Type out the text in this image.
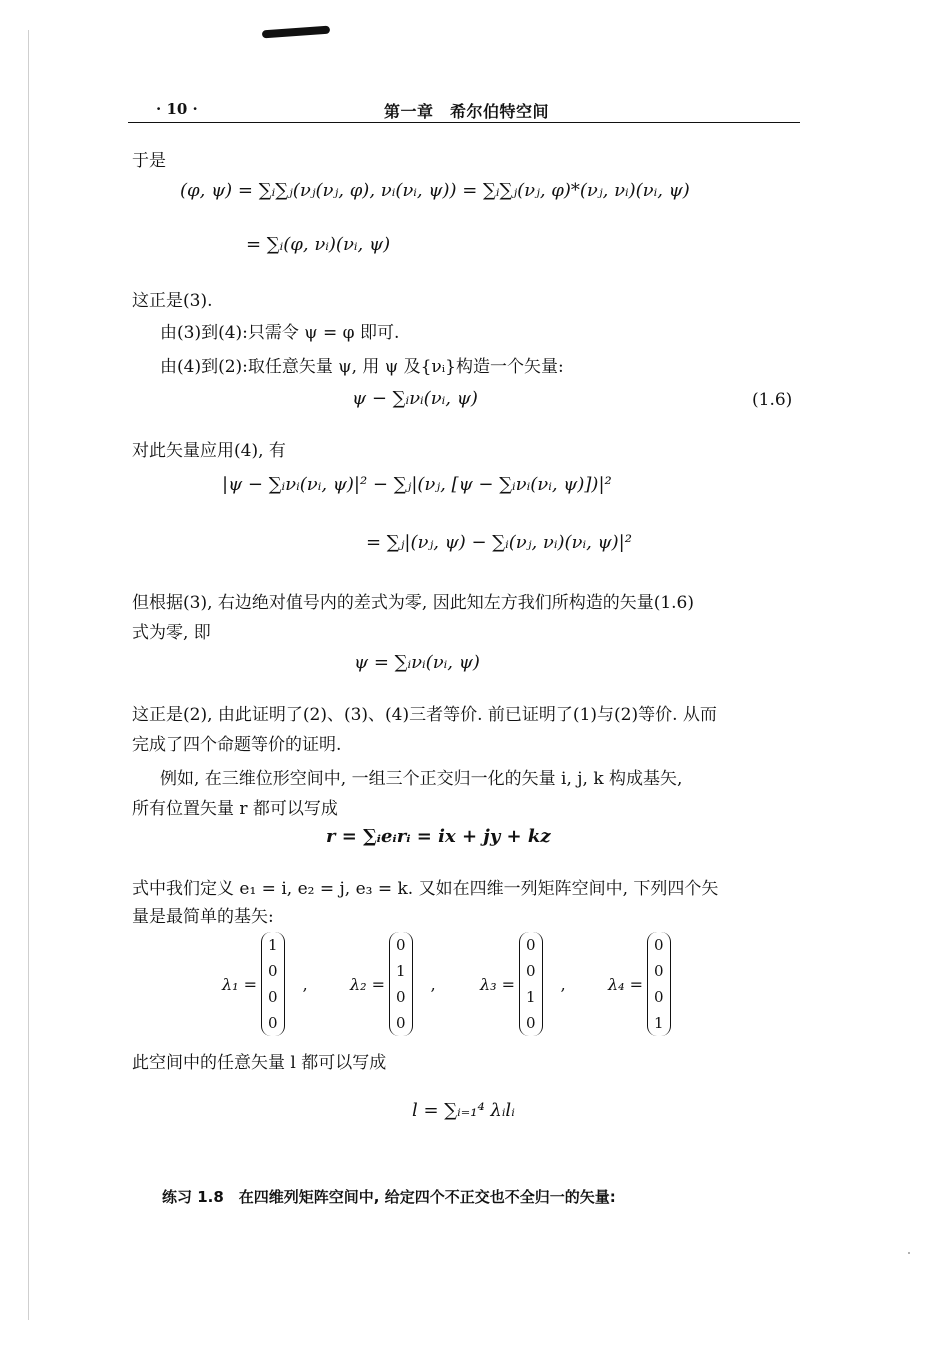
· 10 ·	第一章　希尔伯特空间
于是
(φ, ψ) = ∑ᵢ∑ⱼ(νⱼ(νⱼ, φ), νᵢ(νᵢ, ψ)) = ∑ᵢ∑ⱼ(νⱼ, φ)*(νⱼ, νᵢ)(νᵢ, ψ)
= ∑ᵢ(φ, νᵢ)(νᵢ, ψ)
这正是(3).
由(3)到(4):只需令 ψ = φ 即可.
由(4)到(2):取任意矢量 ψ, 用 ψ 及{νᵢ}构造一个矢量:
ψ − ∑ᵢνᵢ(νᵢ, ψ)	(1.6)
对此矢量应用(4), 有
|ψ − ∑ᵢνᵢ(νᵢ, ψ)|² − ∑ⱼ|(νⱼ, [ψ − ∑ᵢνᵢ(νᵢ, ψ)])|²
= ∑ⱼ|(νⱼ, ψ) − ∑ᵢ(νⱼ, νᵢ)(νᵢ, ψ)|²
但根据(3), 右边绝对值号内的差式为零, 因此知左方我们所构造的矢量(1.6)
式为零, 即
ψ = ∑ᵢνᵢ(νᵢ, ψ)
这正是(2), 由此证明了(2)、(3)、(4)三者等价. 前已证明了(1)与(2)等价. 从而
完成了四个命题等价的证明.
例如, 在三维位形空间中, 一组三个正交归一化的矢量 i, j, k 构成基矢,
所有位置矢量 r 都可以写成
r = ∑ᵢeᵢrᵢ = ix + jy + kz
式中我们定义 e₁ = i, e₂ = j, e₃ = k. 又如在四维一列矩阵空间中, 下列四个矢
量是最简单的基矢:
λ₁ =
1
0
0
0
,	λ₂ =
0
1
0
0
,	λ₃ =
0
0
1
0
,	λ₄ =
0
0
0
1
此空间中的任意矢量 l 都可以写成
l = ∑ᵢ₌₁⁴ λᵢlᵢ
练习 1.8　在四维列矩阵空间中, 给定四个不正交也不全归一的矢量:
